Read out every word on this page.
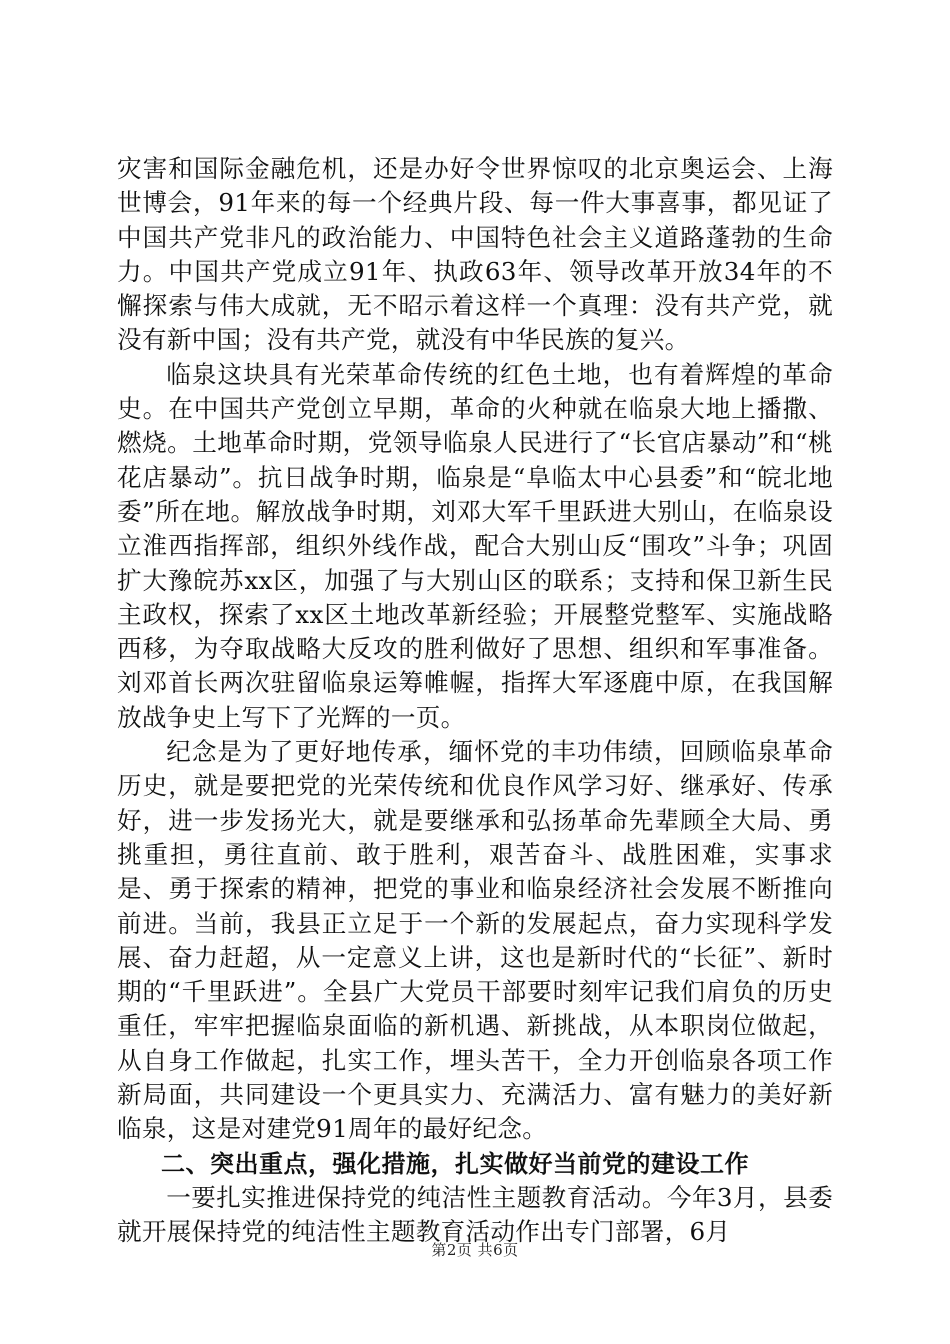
灾害和国际金融危机，还是办好令世界惊叹的北京奥运会、上海世博会，91年来的每一个经典片段、每一件大事喜事，都见证了中国共产党非凡的政治能力、中国特色社会主义道路蓬勃的生命力。中国共产党成立91年、执政63年、领导改革开放34年的不懈探索与伟大成就，无不昭示着这样一个真理：没有共产党，就没有新中国；没有共产党，就没有中华民族的复兴。

临泉这块具有光荣革命传统的红色土地，也有着辉煌的革命史。在中国共产党创立早期，革命的火种就在临泉大地上播撒、燃烧。土地革命时期，党领导临泉人民进行了“长官店暴动”和“桃花店暴动”。抗日战争时期，临泉是“阜临太中心县委”和“皖北地委”所在地。解放战争时期，刘邓大军千里跃进大别山，在临泉设立淮西指挥部，组织外线作战，配合大别山反“围攻”斗争；巩固扩大豫皖苏xx区，加强了与大别山区的联系；支持和保卫新生民主政权，探索了xx区土地改革新经验；开展整党整军、实施战略西移，为夺取战略大反攻的胜利做好了思想、组织和军事准备。刘邓首长两次驻留临泉运筹帷幄，指挥大军逐鹿中原，在我国解放战争史上写下了光辉的一页。

纪念是为了更好地传承，缅怀党的丰功伟绩，回顾临泉革命历史，就是要把党的光荣传统和优良作风学习好、继承好、传承好，进一步发扬光大，就是要继承和弘扬革命先辈顾全大局、勇挑重担，勇往直前、敢于胜利，艰苦奋斗、战胜困难，实事求是、勇于探索的精神，把党的事业和临泉经济社会发展不断推向前进。当前，我县正立足于一个新的发展起点，奋力实现科学发展、奋力赶超，从一定意义上讲，这也是新时代的“长征”、新时期的“千里跃进”。全县广大党员干部要时刻牢记我们肩负的历史重任，牢牢把握临泉面临的新机遇、新挑战，从本职岗位做起，从自身工作做起，扎实工作，埋头苦干，全力开创临泉各项工作新局面，共同建设一个更具实力、充满活力、富有魅力的美好新临泉，这是对建党91周年的最好纪念。

二、突出重点，强化措施，扎实做好当前党的建设工作

一要扎实推进保持党的纯洁性主题教育活动。今年3月，县委就开展保持党的纯洁性主题教育活动作出专门部署，6月

第2页 共6页
